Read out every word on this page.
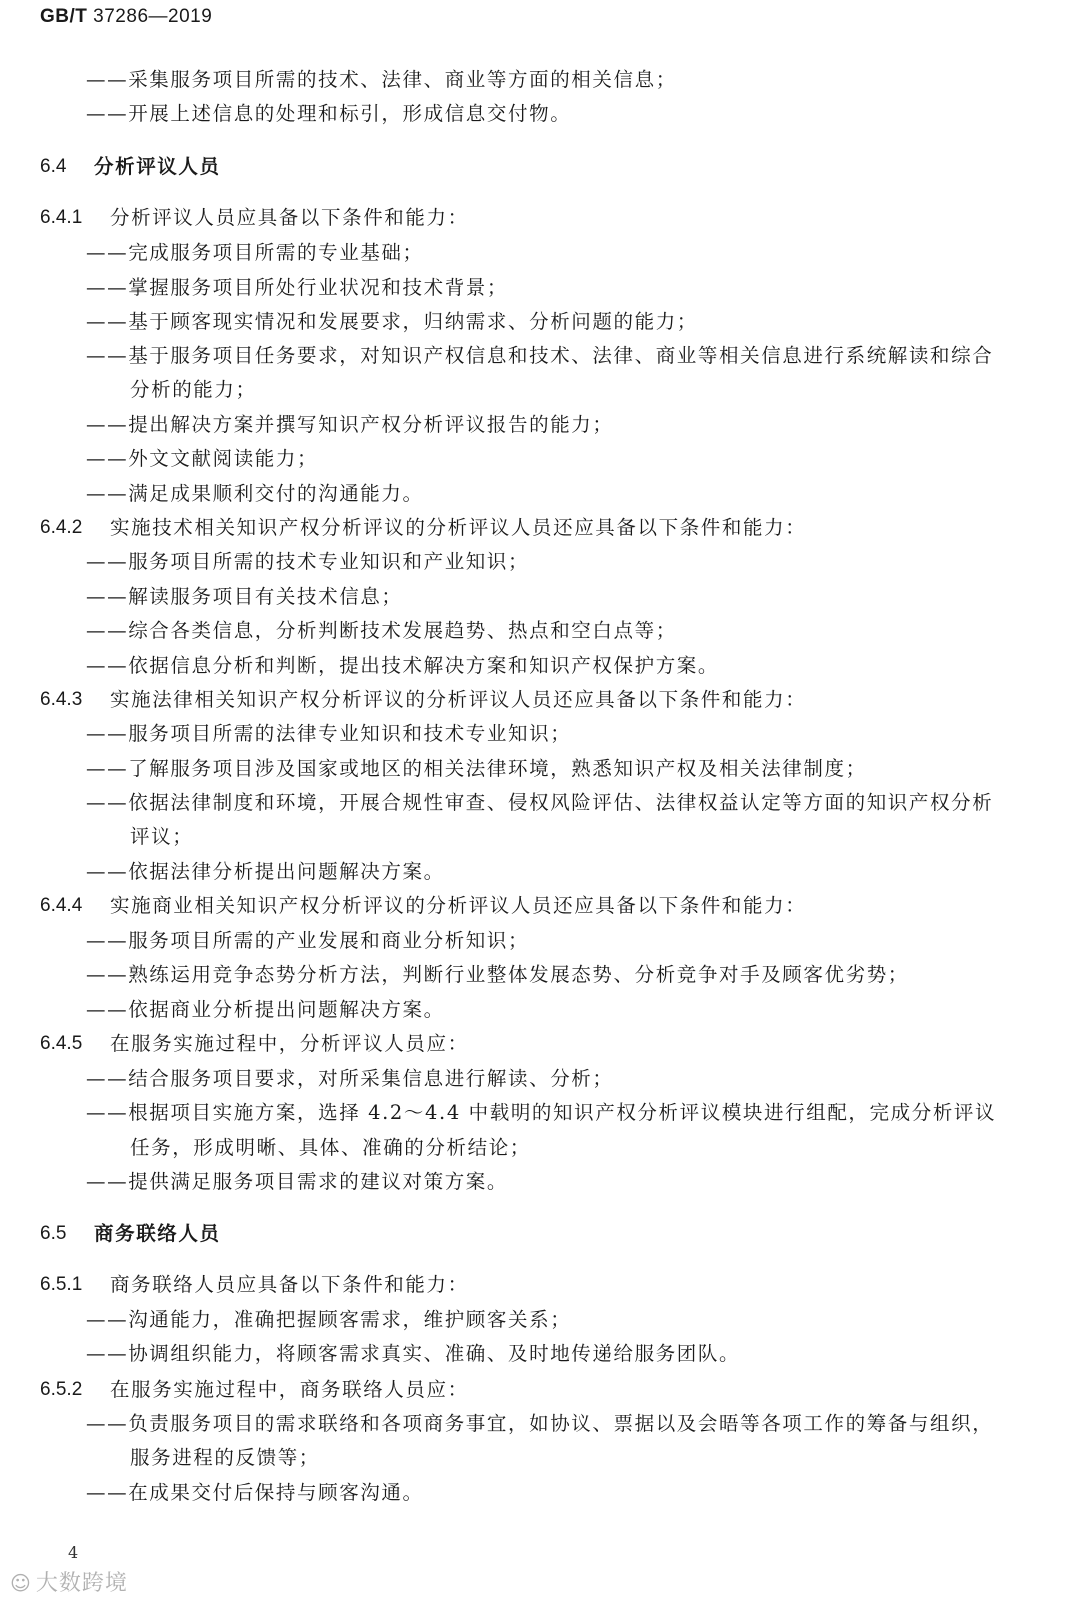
GB/T 37286—2019
——采集服务项目所需的技术、法律、商业等方面的相关信息；
——开展上述信息的处理和标引，形成信息交付物。
6.4 分析评议人员
6.4.1 分析评议人员应具备以下条件和能力：
——完成服务项目所需的专业基础；
——掌握服务项目所处行业状况和技术背景；
——基于顾客现实情况和发展要求，归纳需求、分析问题的能力；
——基于服务项目任务要求，对知识产权信息和技术、法律、商业等相关信息进行系统解读和综合
分析的能力；
——提出解决方案并撰写知识产权分析评议报告的能力；
——外文文献阅读能力；
——满足成果顺利交付的沟通能力。
6.4.2 实施技术相关知识产权分析评议的分析评议人员还应具备以下条件和能力：
——服务项目所需的技术专业知识和产业知识；
——解读服务项目有关技术信息；
——综合各类信息，分析判断技术发展趋势、热点和空白点等；
——依据信息分析和判断，提出技术解决方案和知识产权保护方案。
6.4.3 实施法律相关知识产权分析评议的分析评议人员还应具备以下条件和能力：
——服务项目所需的法律专业知识和技术专业知识；
——了解服务项目涉及国家或地区的相关法律环境，熟悉知识产权及相关法律制度；
——依据法律制度和环境，开展合规性审查、侵权风险评估、法律权益认定等方面的知识产权分析
评议；
——依据法律分析提出问题解决方案。
6.4.4 实施商业相关知识产权分析评议的分析评议人员还应具备以下条件和能力：
——服务项目所需的产业发展和商业分析知识；
——熟练运用竞争态势分析方法，判断行业整体发展态势、分析竞争对手及顾客优劣势；
——依据商业分析提出问题解决方案。
6.4.5 在服务实施过程中，分析评议人员应：
——结合服务项目要求，对所采集信息进行解读、分析；
——根据项目实施方案，选择 4.2～4.4 中载明的知识产权分析评议模块进行组配，完成分析评议
任务，形成明晰、具体、准确的分析结论；
——提供满足服务项目需求的建议对策方案。
6.5 商务联络人员
6.5.1 商务联络人员应具备以下条件和能力：
——沟通能力，准确把握顾客需求，维护顾客关系；
——协调组织能力，将顾客需求真实、准确、及时地传递给服务团队。
6.5.2 在服务实施过程中，商务联络人员应：
——负责服务项目的需求联络和各项商务事宜，如协议、票据以及会晤等各项工作的筹备与组织，
服务进程的反馈等；
——在成果交付后保持与顾客沟通。
4
☺ 大数跨境
